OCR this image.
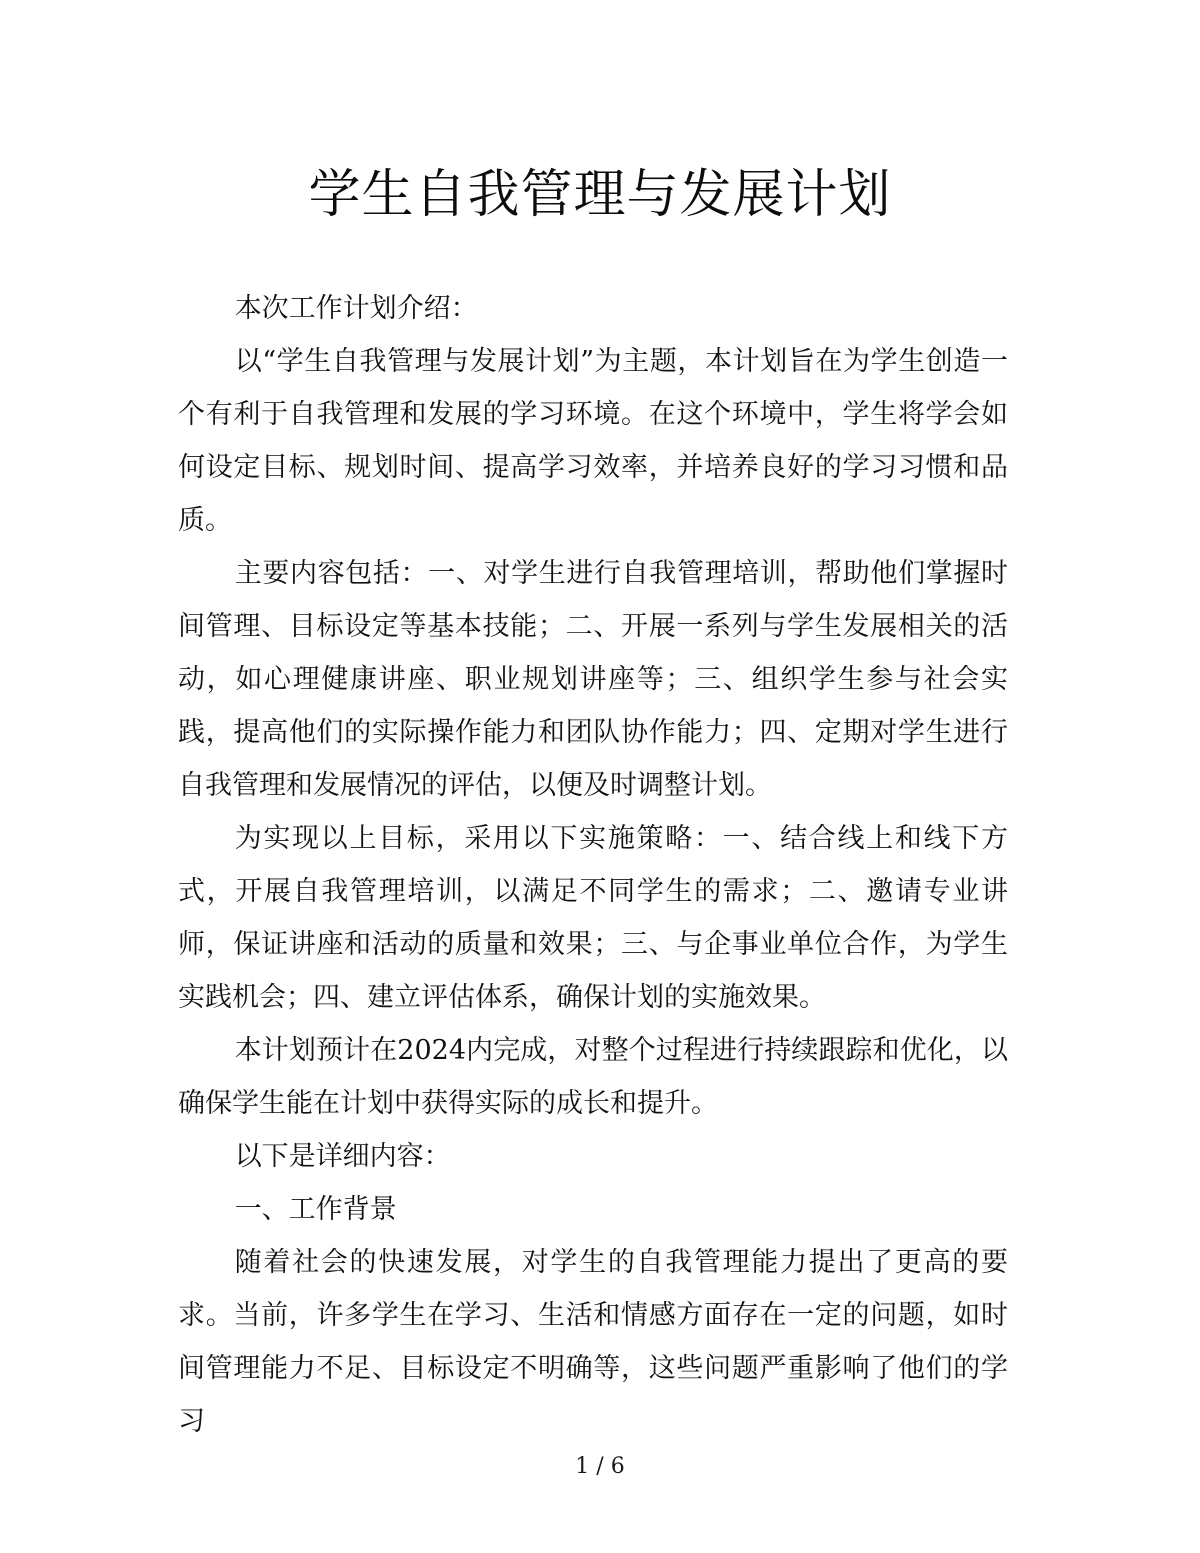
学生自我管理与发展计划

本次工作计划介绍：

以“学生自我管理与发展计划”为主题，本计划旨在为学生创造一个有利于自我管理和发展的学习环境。在这个环境中，学生将学会如何设定目标、规划时间、提高学习效率，并培养良好的学习习惯和品质。

主要内容包括：一、对学生进行自我管理培训，帮助他们掌握时间管理、目标设定等基本技能；二、开展一系列与学生发展相关的活动，如心理健康讲座、职业规划讲座等；三、组织学生参与社会实践，提高他们的实际操作能力和团队协作能力；四、定期对学生进行自我管理和发展情况的评估，以便及时调整计划。

为实现以上目标，采用以下实施策略：一、结合线上和线下方式，开展自我管理培训，以满足不同学生的需求；二、邀请专业讲师，保证讲座和活动的质量和效果；三、与企事业单位合作，为学生实践机会；四、建立评估体系，确保计划的实施效果。

本计划预计在2024内完成，对整个过程进行持续跟踪和优化，以确保学生能在计划中获得实际的成长和提升。

以下是详细内容：

一、工作背景

随着社会的快速发展，对学生的自我管理能力提出了更高的要求。当前，许多学生在学习、生活和情感方面存在一定的问题，如时间管理能力不足、目标设定不明确等，这些问题严重影响了他们的学习

1 / 6
